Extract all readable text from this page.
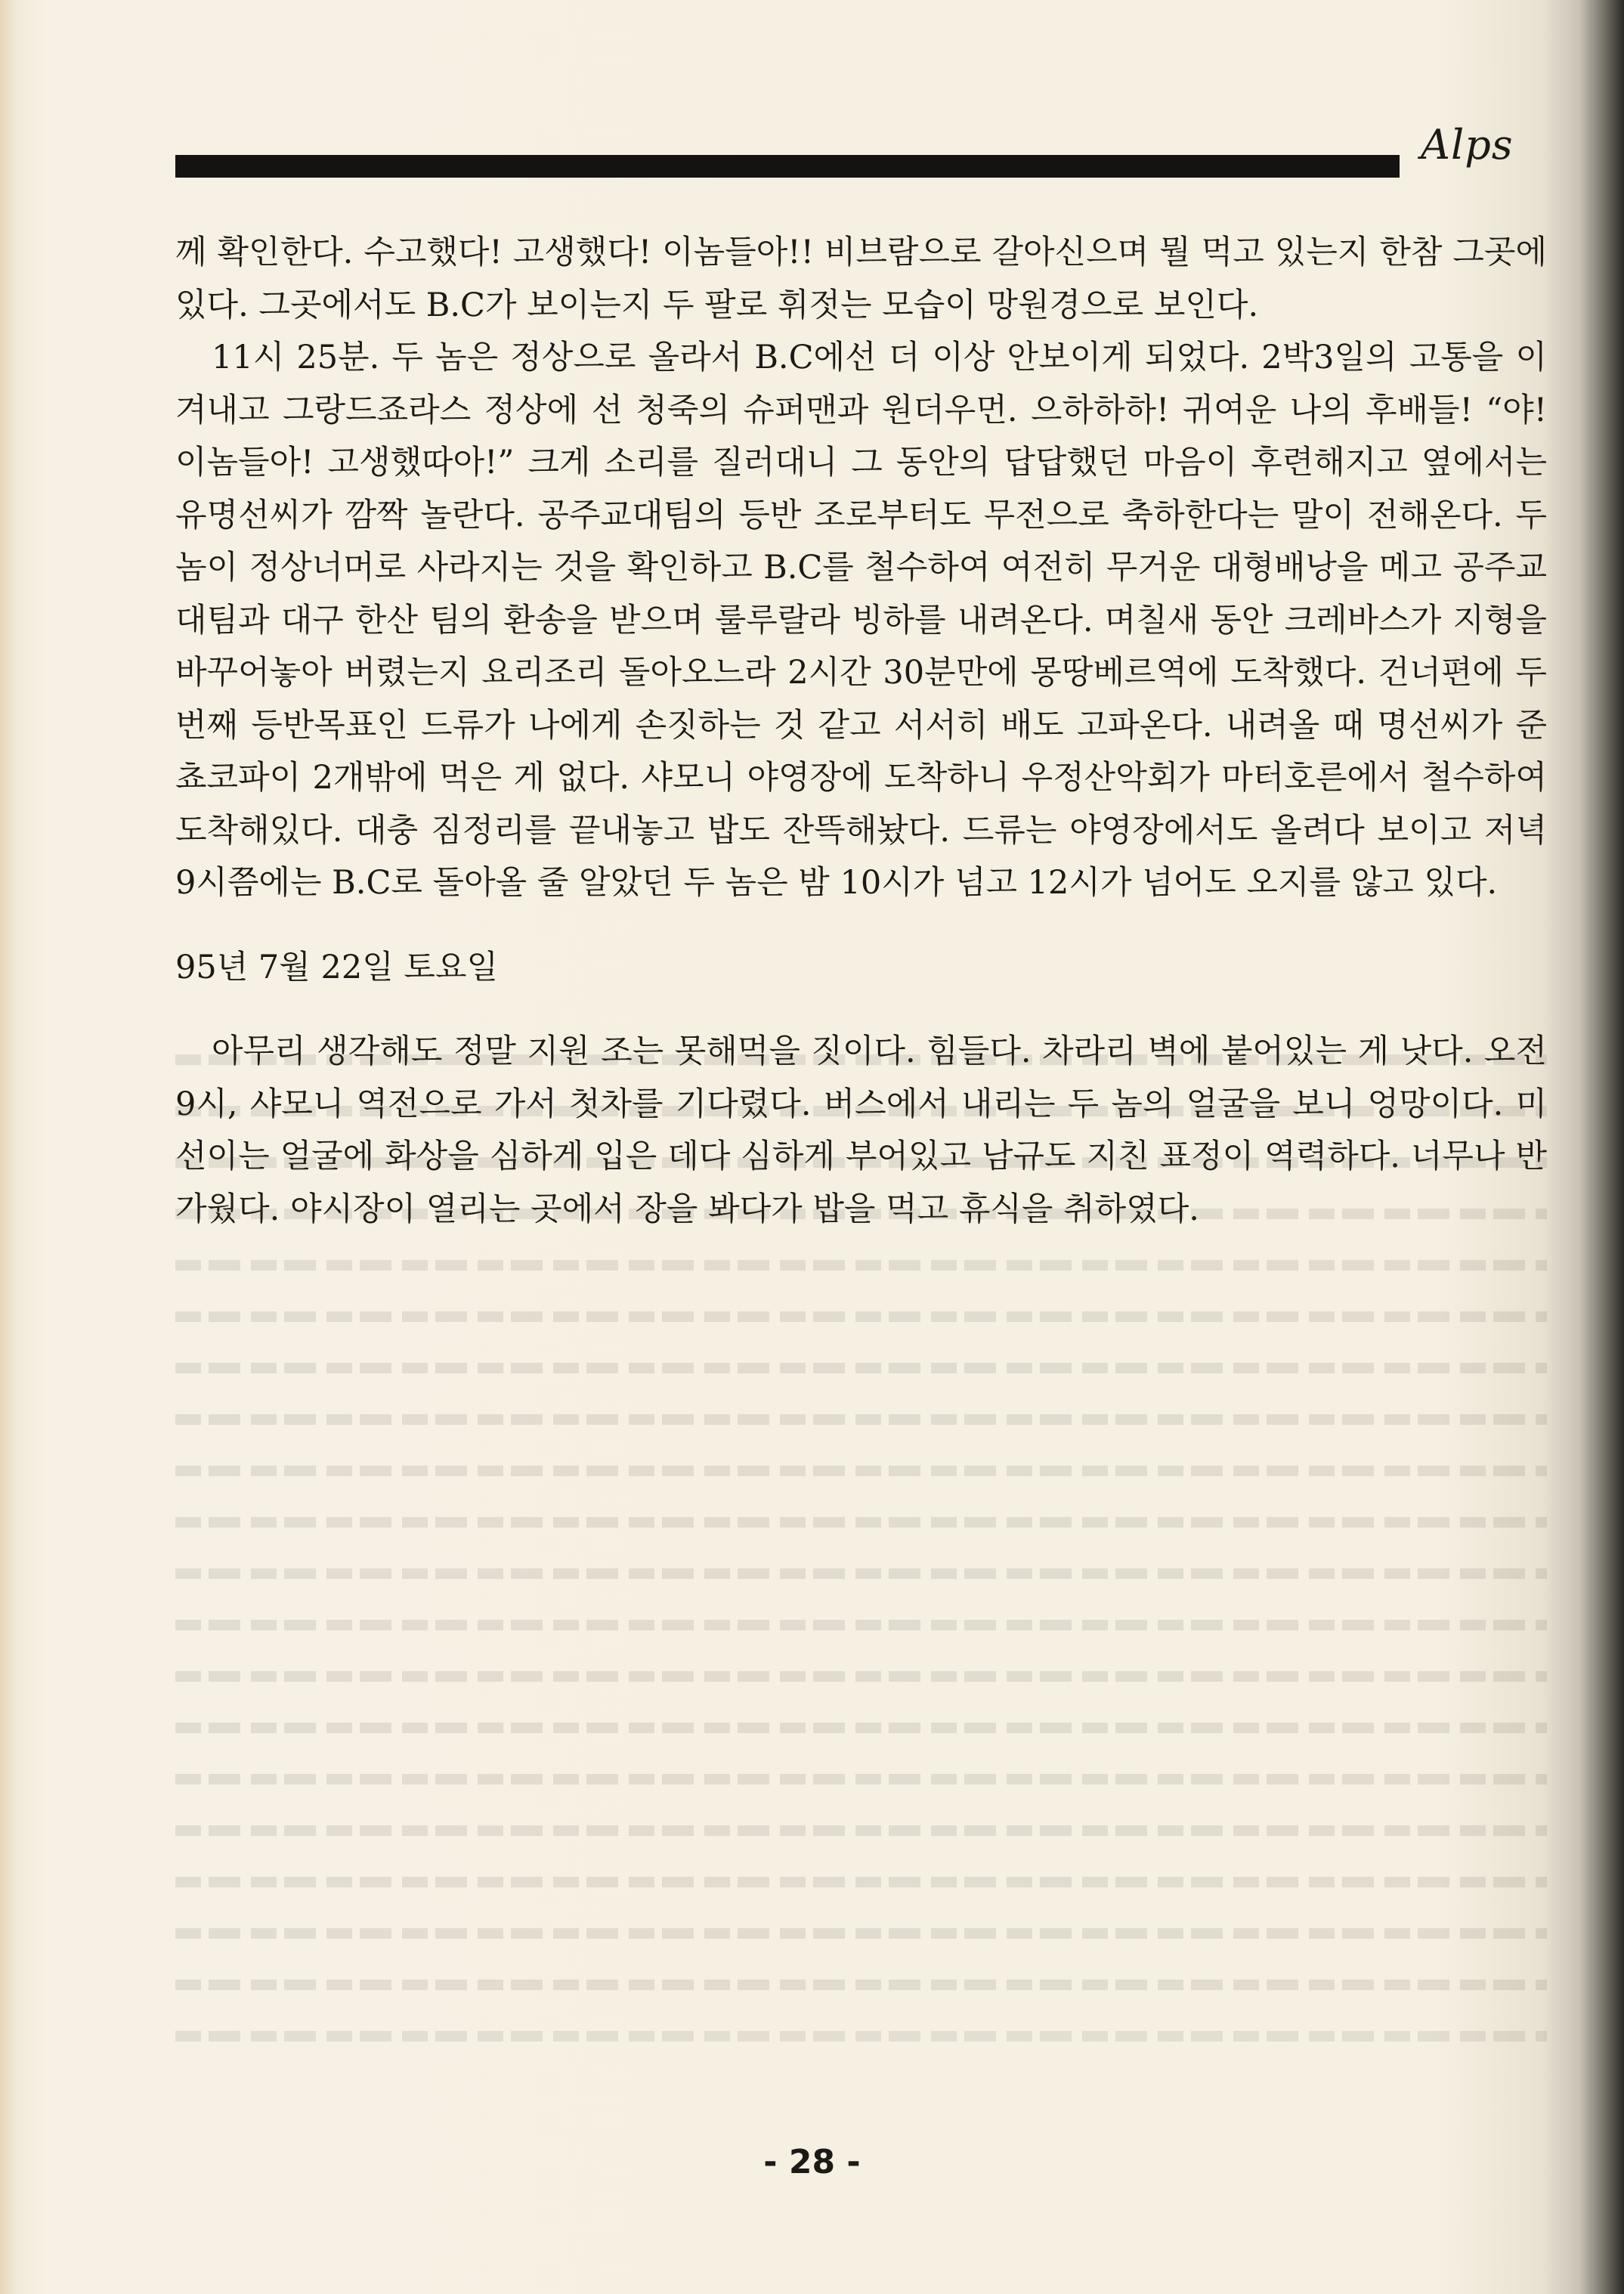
Alps

께 확인한다. 수고했다! 고생했다! 이놈들아!! 비브람으로 갈아신으며 뭘 먹고 있는지 한참 그곳에 있다. 그곳에서도 B.C가 보이는지 두 팔로 휘젓는 모습이 망원경으로 보인다.

11시 25분. 두 놈은 정상으로 올라서 B.C에선 더 이상 안보이게 되었다. 2박3일의 고통을 이겨내고 그랑드죠라스 정상에 선 청죽의 슈퍼맨과 원더우먼. 으하하하! 귀여운 나의 후배들! “야! 이놈들아! 고생했따아!” 크게 소리를 질러대니 그 동안의 답답했던 마음이 후련해지고 옆에서는 유명선씨가 깜짝 놀란다. 공주교대팀의 등반 조로부터도 무전으로 축하한다는 말이 전해온다. 두 놈이 정상너머로 사라지는 것을 확인하고 B.C를 철수하여 여전히 무거운 대형배낭을 메고 공주교대팀과 대구 한산 팀의 환송을 받으며 룰루랄라 빙하를 내려온다. 며칠새 동안 크레바스가 지형을 바꾸어놓아 버렸는지 요리조리 돌아오느라 2시간 30분만에 몽땅베르역에 도착했다. 건너편에 두 번째 등반목표인 드류가 나에게 손짓하는 것 같고 서서히 배도 고파온다. 내려올 때 명선씨가 준 쵸코파이 2개밖에 먹은 게 없다. 샤모니 야영장에 도착하니 우정산악회가 마터호른에서 철수하여 도착해있다. 대충 짐정리를 끝내놓고 밥도 잔뜩해놨다. 드류는 야영장에서도 올려다 보이고 저녁 9시쯤에는 B.C로 돌아올 줄 알았던 두 놈은 밤 10시가 넘고 12시가 넘어도 오지를 않고 있다.

95년 7월 22일 토요일

아무리 생각해도 정말 지원 조는 못해먹을 짓이다. 힘들다. 차라리 벽에 붙어있는 게 낫다. 오전 9시, 샤모니 역전으로 가서 첫차를 기다렸다. 버스에서 내리는 두 놈의 얼굴을 보니 엉망이다. 미선이는 얼굴에 화상을 심하게 입은 데다 심하게 부어있고 남규도 지친 표정이 역력하다. 너무나 반가웠다. 야시장이 열리는 곳에서 장을 봐다가 밥을 먹고 휴식을 취하였다.

- 28 -
